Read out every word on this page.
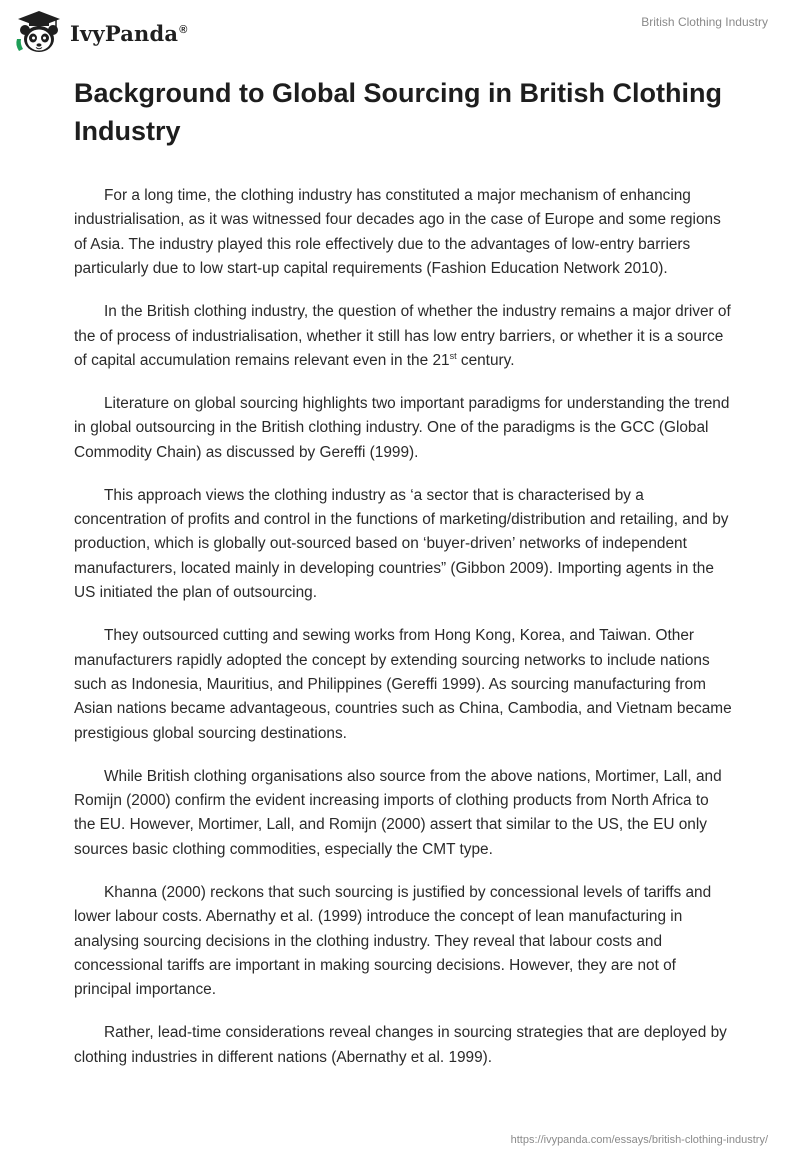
IvyPanda®
British Clothing Industry
Background to Global Sourcing in British Clothing Industry

For a long time, the clothing industry has constituted a major mechanism of enhancing industrialisation, as it was witnessed four decades ago in the case of Europe and some regions of Asia. The industry played this role effectively due to the advantages of low-entry barriers particularly due to low start-up capital requirements (Fashion Education Network 2010).

In the British clothing industry, the question of whether the industry remains a major driver of the of process of industrialisation, whether it still has low entry barriers, or whether it is a source of capital accumulation remains relevant even in the 21st century.

Literature on global sourcing highlights two important paradigms for understanding the trend in global outsourcing in the British clothing industry. One of the paradigms is the GCC (Global Commodity Chain) as discussed by Gereffi (1999).

This approach views the clothing industry as ‘a sector that is characterised by a concentration of profits and control in the functions of marketing/distribution and retailing, and by production, which is globally out-sourced based on ‘buyer-driven’ networks of independent manufacturers, located mainly in developing countries” (Gibbon 2009). Importing agents in the US initiated the plan of outsourcing.

They outsourced cutting and sewing works from Hong Kong, Korea, and Taiwan. Other manufacturers rapidly adopted the concept by extending sourcing networks to include nations such as Indonesia, Mauritius, and Philippines (Gereffi 1999). As sourcing manufacturing from Asian nations became advantageous, countries such as China, Cambodia, and Vietnam became prestigious global sourcing destinations.

While British clothing organisations also source from the above nations, Mortimer, Lall, and Romijn (2000) confirm the evident increasing imports of clothing products from North Africa to the EU. However, Mortimer, Lall, and Romijn (2000) assert that similar to the US, the EU only sources basic clothing commodities, especially the CMT type.

Khanna (2000) reckons that such sourcing is justified by concessional levels of tariffs and lower labour costs. Abernathy et al. (1999) introduce the concept of lean manufacturing in analysing sourcing decisions in the clothing industry. They reveal that labour costs and concessional tariffs are important in making sourcing decisions. However, they are not of principal importance.

Rather, lead-time considerations reveal changes in sourcing strategies that are deployed by clothing industries in different nations (Abernathy et al. 1999).

https://ivypanda.com/essays/british-clothing-industry/
